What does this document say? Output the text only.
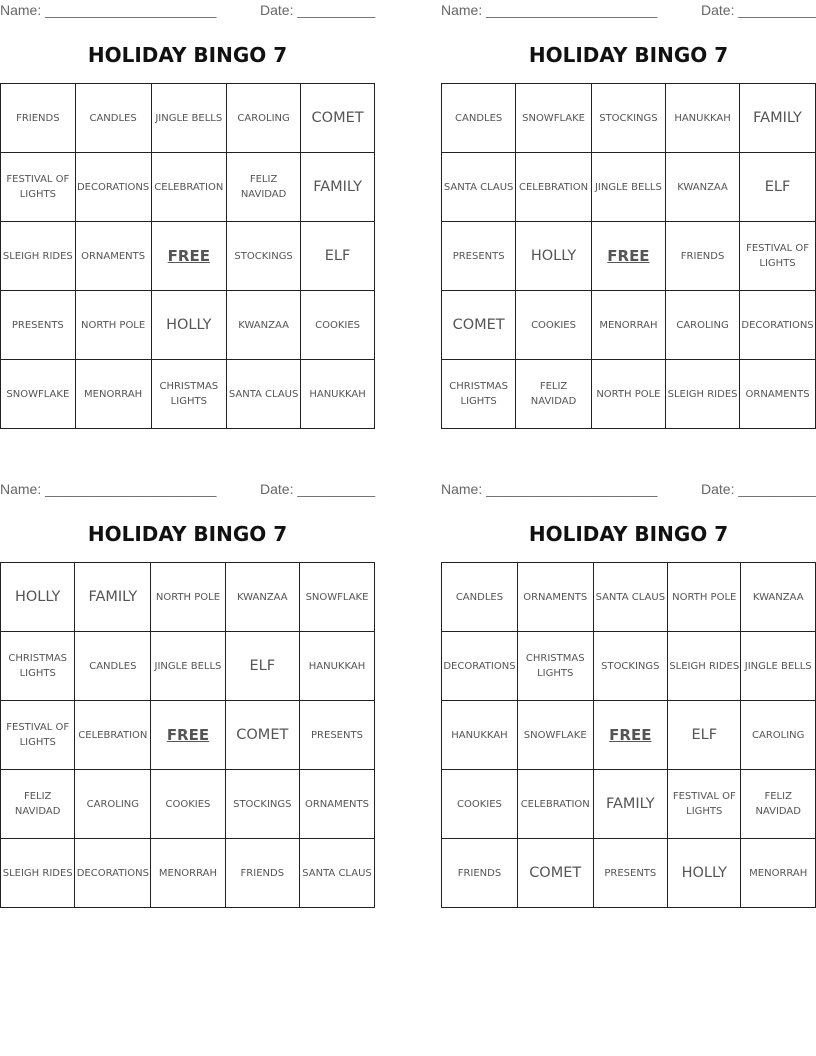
Name: ______________________	Date: __________
HOLIDAY BINGO 7
FRIENDS	CANDLES	JINGLE BELLS	CAROLING	COMET
FESTIVAL OF LIGHTS	DECORATIONS	CELEBRATION	FELIZ NAVIDAD	FAMILY
SLEIGH RIDES	ORNAMENTS	FREE	STOCKINGS	ELF
PRESENTS	NORTH POLE	HOLLY	KWANZAA	COOKIES
SNOWFLAKE	MENORRAH	CHRISTMAS LIGHTS	SANTA CLAUS	HANUKKAH
Name: ______________________	Date: __________
HOLIDAY BINGO 7
CANDLES	SNOWFLAKE	STOCKINGS	HANUKKAH	FAMILY
SANTA CLAUS	CELEBRATION	JINGLE BELLS	KWANZAA	ELF
PRESENTS	HOLLY	FREE	FRIENDS	FESTIVAL OF LIGHTS
COMET	COOKIES	MENORRAH	CAROLING	DECORATIONS
CHRISTMAS LIGHTS	FELIZ NAVIDAD	NORTH POLE	SLEIGH RIDES	ORNAMENTS
Name: ______________________	Date: __________
HOLIDAY BINGO 7
HOLLY	FAMILY	NORTH POLE	KWANZAA	SNOWFLAKE
CHRISTMAS LIGHTS	CANDLES	JINGLE BELLS	ELF	HANUKKAH
FESTIVAL OF LIGHTS	CELEBRATION	FREE	COMET	PRESENTS
FELIZ NAVIDAD	CAROLING	COOKIES	STOCKINGS	ORNAMENTS
SLEIGH RIDES	DECORATIONS	MENORRAH	FRIENDS	SANTA CLAUS
Name: ______________________	Date: __________
HOLIDAY BINGO 7
CANDLES	ORNAMENTS	SANTA CLAUS	NORTH POLE	KWANZAA
DECORATIONS	CHRISTMAS LIGHTS	STOCKINGS	SLEIGH RIDES	JINGLE BELLS
HANUKKAH	SNOWFLAKE	FREE	ELF	CAROLING
COOKIES	CELEBRATION	FAMILY	FESTIVAL OF LIGHTS	FELIZ NAVIDAD
FRIENDS	COMET	PRESENTS	HOLLY	MENORRAH
